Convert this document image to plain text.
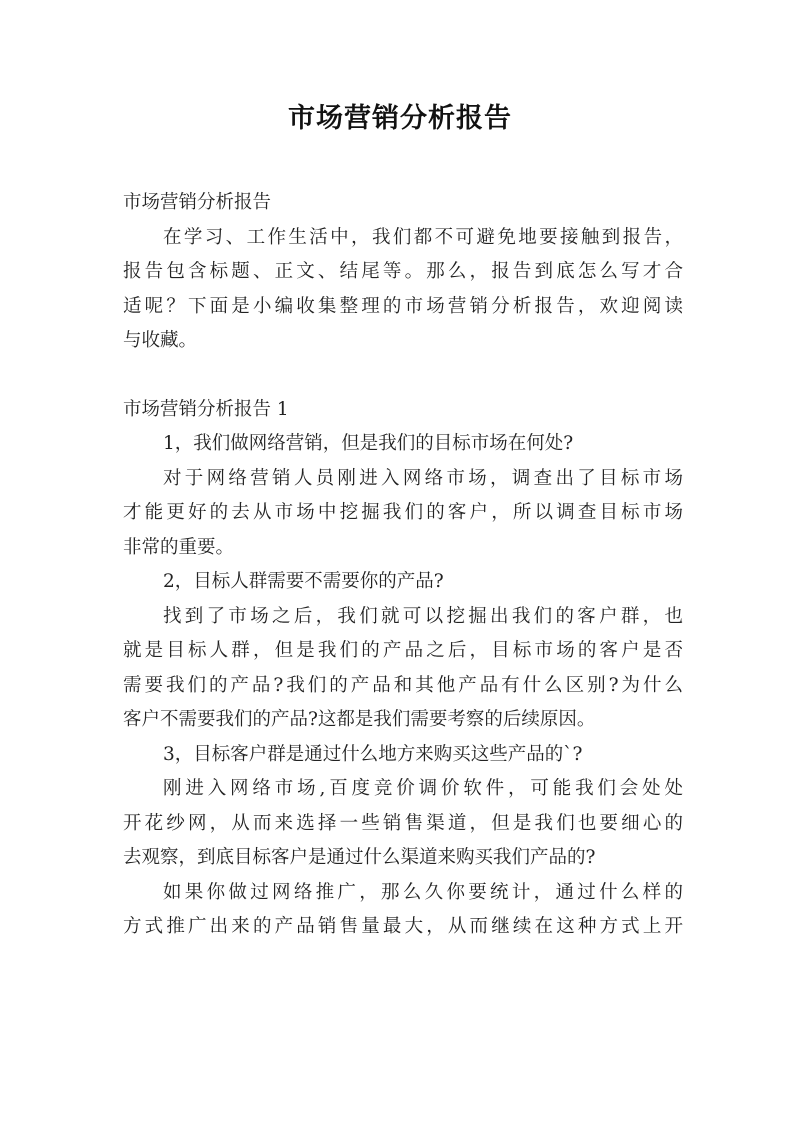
市场营销分析报告

市场营销分析报告

在学习、工作生活中，我们都不可避免地要接触到报告，

报告包含标题、正文、结尾等。那么，报告到底怎么写才合

适呢？下面是小编收集整理的市场营销分析报告，欢迎阅读

与收藏。

市场营销分析报告 1

1，我们做网络营销，但是我们的目标市场在何处?

对于网络营销人员刚进入网络市场，调查出了目标市场

才能更好的去从市场中挖掘我们的客户，所以调查目标市场

非常的重要。

2，目标人群需要不需要你的产品?

找到了市场之后，我们就可以挖掘出我们的客户群，也

就是目标人群，但是我们的产品之后，目标市场的客户是否

需要我们的产品?我们的产品和其他产品有什么区别?为什么

客户不需要我们的产品?这都是我们需要考察的后续原因。

3，目标客户群是通过什么地方来购买这些产品的`?

刚进入网络市场,百度竞价调价软件，可能我们会处处

开花纱网，从而来选择一些销售渠道，但是我们也要细心的

去观察，到底目标客户是通过什么渠道来购买我们产品的?

如果你做过网络推广，那么久你要统计，通过什么样的

方式推广出来的产品销售量最大，从而继续在这种方式上开
